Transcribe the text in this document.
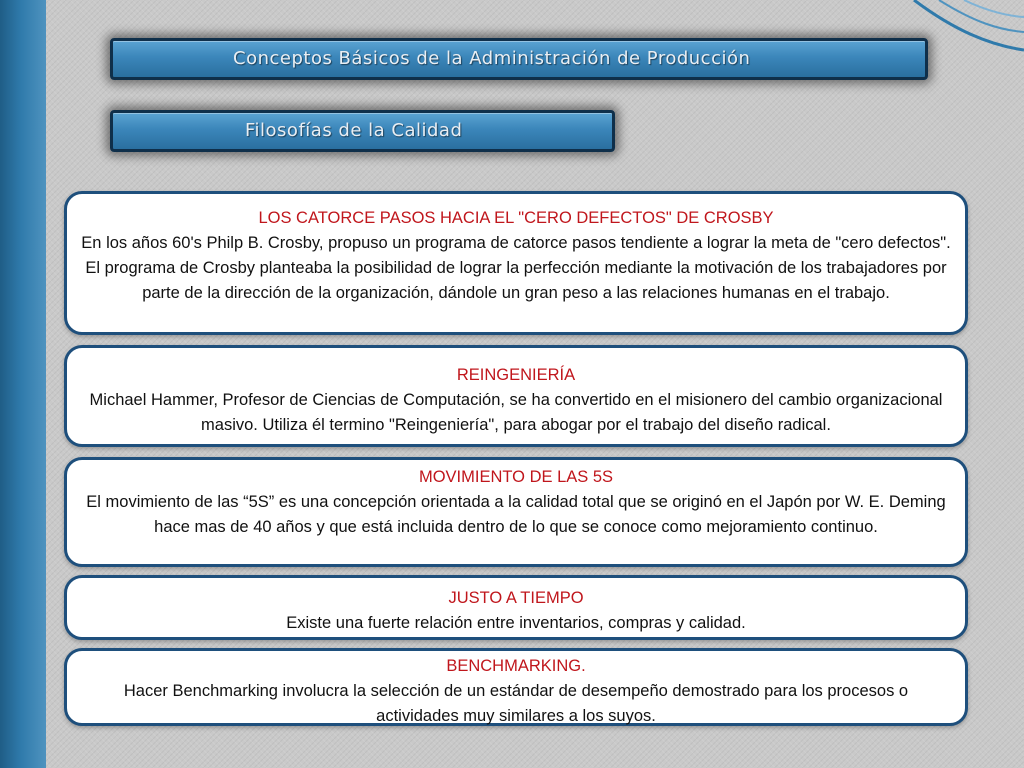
Conceptos Básicos de la Administración de Producción
Filosofías de la Calidad
LOS CATORCE PASOS HACIA EL "CERO DEFECTOS" DE CROSBY
En los años 60's Philp B. Crosby, propuso un programa de catorce pasos tendiente a lograr la meta de "cero defectos". El programa de Crosby planteaba la posibilidad de lograr la perfección mediante la motivación de los trabajadores por parte de la dirección de la organización, dándole un gran peso a las relaciones humanas en el trabajo.
REINGENIERÍA
Michael Hammer, Profesor de Ciencias de Computación, se ha convertido en el misionero del cambio organizacional masivo. Utiliza él termino "Reingeniería", para abogar por el trabajo del diseño radical.
MOVIMIENTO DE LAS 5S
El movimiento de las “5S” es una concepción orientada a la calidad total que se originó en el Japón por W. E. Deming hace mas de 40 años y que está incluida dentro de lo que se conoce como mejoramiento continuo.
JUSTO A TIEMPO
Existe una fuerte relación entre inventarios, compras y calidad.
BENCHMARKING.
Hacer Benchmarking involucra la selección de un estándar de desempeño demostrado para los procesos o actividades muy similares a los suyos.
